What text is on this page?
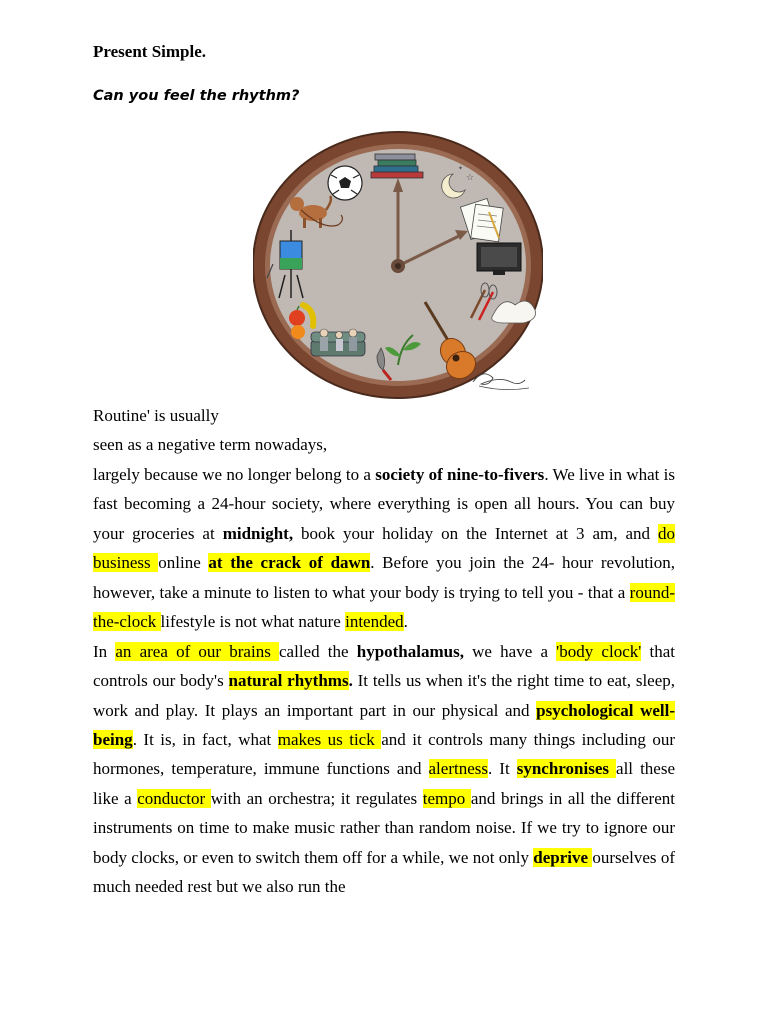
Present Simple.
Can you feel the rhythm?
☆
✦

Routine' is usually

seen as a negative term nowadays,

largely because we no longer belong to a society of nine-to-fivers. We live in what is fast becoming a 24-hour society, where everything is open all hours. You can buy your groceries at midnight, book your holiday on the Internet at 3 am, and do business online at the crack of dawn. Before you join the 24- hour revolution, however, take a minute to listen to what your body is trying to tell you - that a round-the-clock lifestyle is not what nature intended.

In an area of our brains called the hypothalamus, we have a 'body clock' that controls our body's natural rhythms. It tells us when it's the right time to eat, sleep, work and play. It plays an important part in our physical and psychological well-being. It is, in fact, what makes us tick and it controls many things including our hormones, temperature, immune functions and alertness. It synchronises all these like a conductor with an orchestra; it regulates tempo and brings in all the different instruments on time to make music rather than random noise. If we try to ignore our body clocks, or even to switch them off for a while, we not only deprive ourselves of much needed rest but we also run the
